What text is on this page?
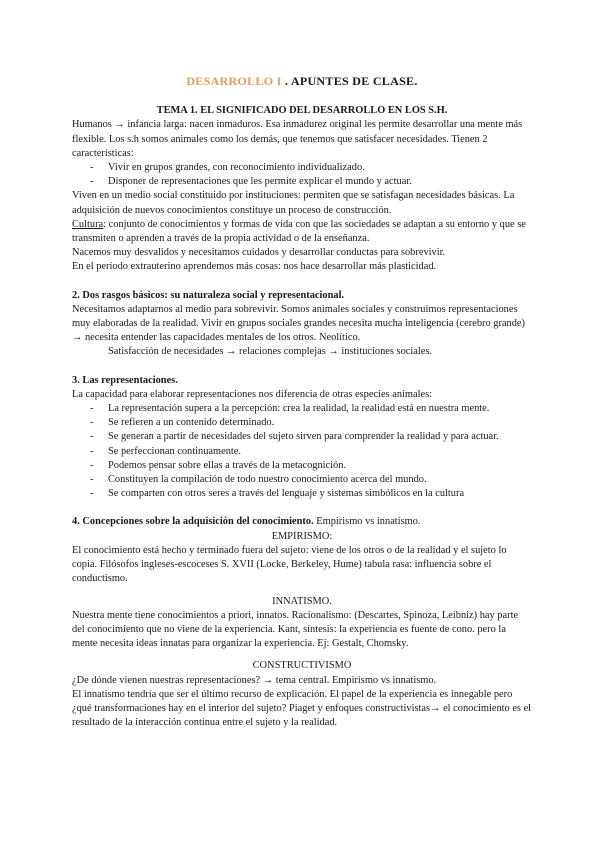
DESARROLLO I . APUNTES DE CLASE.
TEMA 1. EL SIGNIFICADO DEL DESARROLLO EN LOS S.H.

Humanos → infancia larga: nacen inmaduros. Esa inmadurez original les permite desarrollar una mente más flexible. Los s.h somos animales como los demás, que tenemos que satisfacer necesidades. Tienen 2 características:

- Vivir en grupos grandes, con reconocimiento individualizado.
- Disponer de representaciones que les permite explicar el mundo y actuar.

Viven en un medio social constituido por instituciones: permiten que se satisfagan necesidades básicas. La adquisición de nuevos conocimientos constituye un proceso de construcción.

Cultura: conjunto de conocimientos y formas de vida con que las sociedades se adaptan a su entorno y que se transmiten o aprenden a través de la propia actividad o de la enseñanza.

Nacemos muy desvalidos y necesitamos cuidados y desarrollar conductas para sobrevivir.

En el período extrauterino aprendemos más cosas: nos hace desarrollar más plasticidad.

2. Dos rasgos básicos: su naturaleza social y representacional.

Necesitamos adaptarnos al medio para sobrevivir. Somos animales sociales y construimos representaciones muy elaboradas de la realidad. Vivir en grupos sociales grandes necesita mucha inteligencia (cerebro grande) → necesita entender las capacidades mentales de los otros. Neolítico.

Satisfacción de necesidades → relaciones complejas → instituciones sociales.

3. Las representaciones.

La capacidad para elaborar representaciones nos diferencia de otras especies animales:

- La representación supera a la percepción: crea la realidad, la realidad está en nuestra mente.
- Se refieren a un contenido determinado.
- Se generan a partir de necesidades del sujeto sirven para comprender la realidad y para actuar.
- Se perfeccionan continuamente.
- Podemos pensar sobre ellas a través de la metacognición.
- Constituyen la compilación de todo nuestro conocimiento acerca del mundo.
- Se comparten con otros seres a través del lenguaje y sistemas simbólicos en la cultura

4. Concepciones sobre la adquisición del conocimiento. Empirismo vs innatismo.

EMPIRISMO:

El conocimiento está hecho y terminado fuera del sujeto: viene de los otros o de la realidad y el sujeto lo copia. Filósofos ingleses-escoceses S. XVII (Locke, Berkeley, Hume) tabula rasa: influencia sobre el conductismo.

INNATISMO.

Nuestra mente tiene conocimientos a priori, innatos. Racionalismo: (Descartes, Spinoza, Leibniz) hay parte del conocimiento que no viene de la experiencia. Kant, síntesis: la experiencia es fuente de cono. pero la mente necesita ideas innatas para organizar la experiencia. Ej: Gestalt, Chomsky.

CONSTRUCTIVISMO

¿De dónde vienen nuestras representaciones? → tema central. Empirismo vs innatismo.

El innatismo tendría que ser el último recurso de explicación. El papel de la experiencia es innegable pero ¿qué transformaciones hay en el interior del sujeto? Piaget y enfoques constructivistas→ el conocimiento es el resultado de la interacción continua entre el sujeto y la realidad.
